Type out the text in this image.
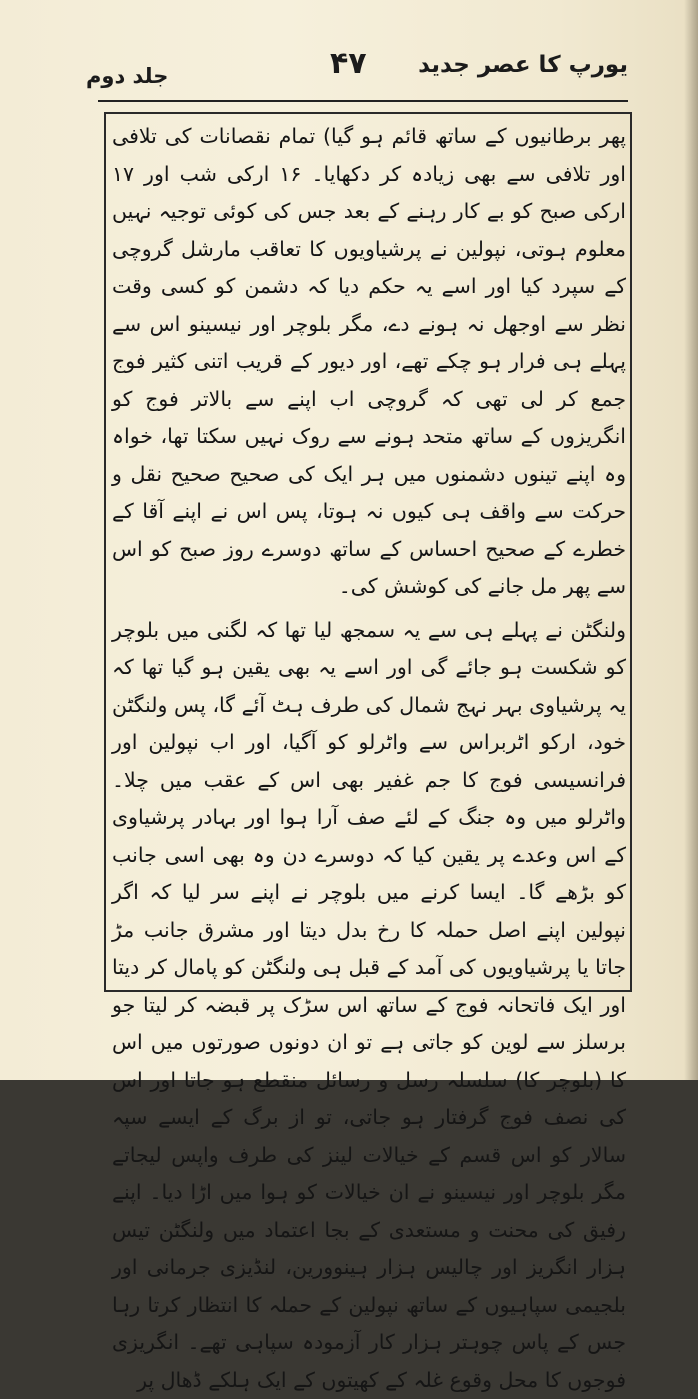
یورپ کا عصر جدید
۴۷
جلد دوم

پھر برطانیوں کے ساتھ قائم ہو گیا) تمام نقصانات کی تلافی اور تلافی سے بھی زیادہ کر دکھایا۔ ۱۶ ارکی شب اور ۱۷ ارکی صبح کو بے کار رہنے کے بعد جس کی کوئی توجیہ نہیں معلوم ہوتی، نپولین نے پرشیاویوں کا تعاقب مارشل گروچی کے سپرد کیا اور اسے یہ حکم دیا کہ دشمن کو کسی وقت نظر سے اوجھل نہ ہونے دے، مگر بلوچر اور نیسینو اس سے پہلے ہی فرار ہو چکے تھے، اور دیور کے قریب اتنی کثیر فوج جمع کر لی تھی کہ گروچی اب اپنے سے بالاتر فوج کو انگریزوں کے ساتھ متحد ہونے سے روک نہیں سکتا تھا، خواہ وہ اپنے تینوں دشمنوں میں ہر ایک کی صحیح صحیح نقل و حرکت سے واقف ہی کیوں نہ ہوتا، پس اس نے اپنے آقا کے خطرے کے صحیح احساس کے ساتھ دوسرے روز صبح کو اس سے پھر مل جانے کی کوشش کی۔

ولنگٹن نے پہلے ہی سے یہ سمجھ لیا تھا کہ لگنی میں بلوچر کو شکست ہو جائے گی اور اسے یہ بھی یقین ہو گیا تھا کہ یہ پرشیاوی بہر نہج شمال کی طرف ہٹ آئے گا، پس ولنگٹن خود، ارکو اٹربراس سے واٹرلو کو آگیا، اور اب نپولین اور فرانسیسی فوج کا جم غفیر بھی اس کے عقب میں چلا۔ واٹرلو میں وہ جنگ کے لئے صف آرا ہوا اور بہادر پرشیاوی کے اس وعدے پر یقین کیا کہ دوسرے دن وہ بھی اسی جانب کو بڑھے گا۔ ایسا کرنے میں بلوچر نے اپنے سر لیا کہ اگر نپولین اپنے اصل حملہ کا رخ بدل دیتا اور مشرق جانب مڑ جاتا یا پرشیاویوں کی آمد کے قبل ہی ولنگٹن کو پامال کر دیتا اور ایک فاتحانہ فوج کے ساتھ اس سڑک پر قبضہ کر لیتا جو برسلز سے لوین کو جاتی ہے تو ان دونوں صورتوں میں اس کا (بلوچر کا) سلسلہ رسل و رسائل منقطع ہو جاتا اور اس کی نصف فوج گرفتار ہو جاتی، تو از برگ کے ایسے سپہ سالار کو اس قسم کے خیالات لینز کی طرف واپس لیجاتے مگر بلوچر اور نیسینو نے ان خیالات کو ہوا میں اڑا دیا۔ اپنے رفیق کی محنت و مستعدی کے بجا اعتماد میں ولنگٹن تیس ہزار انگریز اور چالیس ہزار ہینوورین، لنڈیزی جرمانی اور بلجیمی سپاہیوں کے ساتھ نپولین کے حملہ کا انتظار کرتا رہا جس کے پاس چوہتر ہزار کار آزمودہ سپاہی تھے۔ انگریزی فوجوں کا محل وقوع غلہ کے کھیتوں کے ایک ہلکے ڈھال پر
